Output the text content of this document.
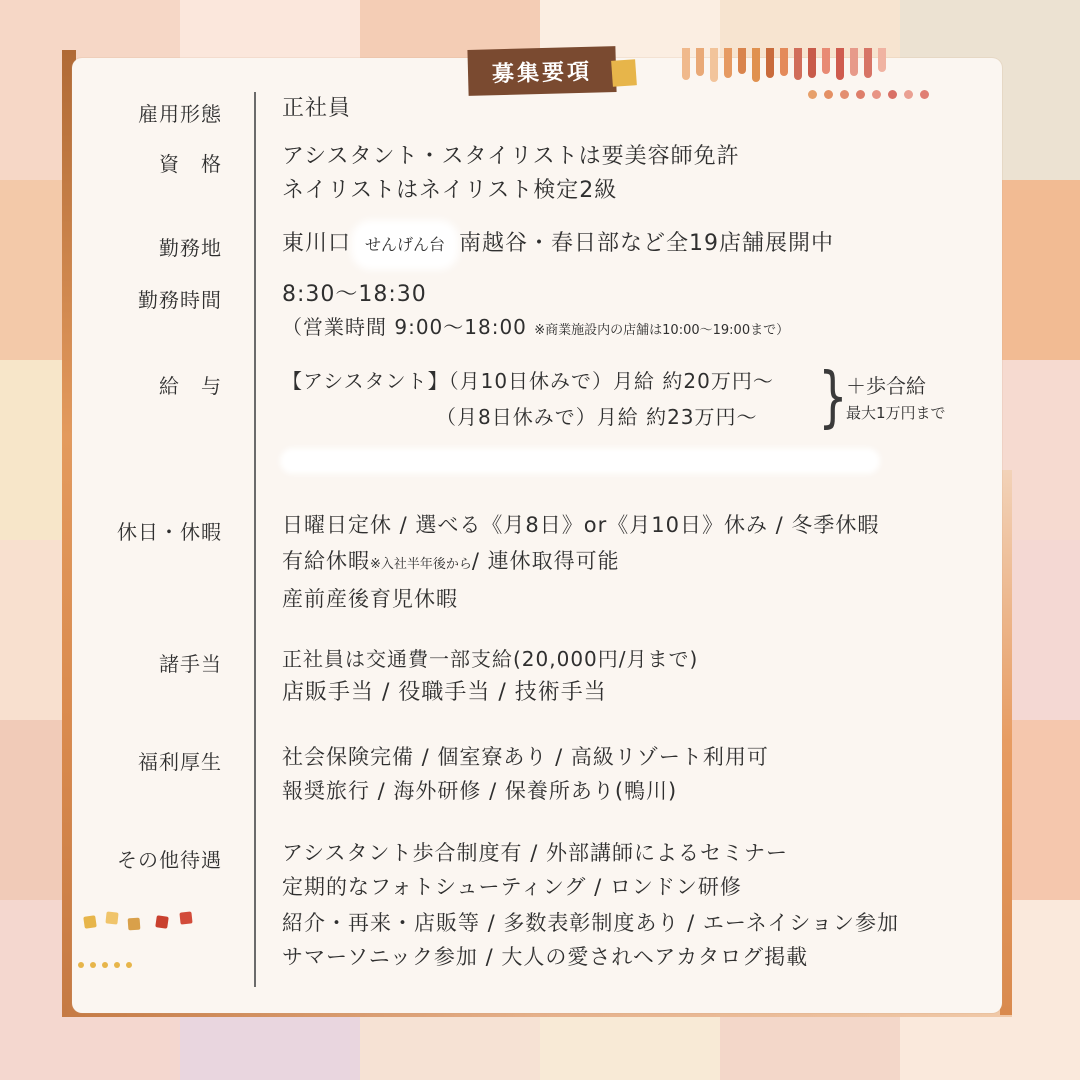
募集要項
雇用形態	正社員
資　格	アシスタント・スタイリストは要美容師免許
ネイリストはネイリスト検定2級
勤務地	東川口 せんげん台 南越谷・春日部など全19店舗展開中
勤務時間	8:30〜18:30
（営業時間 9:00〜18:00 ※商業施設内の店舗は10:00〜19:00まで）
給　与	【アシスタント】（月10日休みで）月給 約20万円〜
（月8日休みで）月給 約23万円〜 }
＋歩合給
最大1万円まで
休日・休暇	日曜日定休 / 選べる《月8日》or《月10日》休み / 冬季休暇
有給休暇※入社半年後から/ 連休取得可能
産前産後育児休暇
諸手当	正社員は交通費一部支給(20,000円/月まで)
店販手当 / 役職手当 / 技術手当
福利厚生	社会保険完備 / 個室寮あり / 高級リゾート利用可
報奨旅行 / 海外研修 / 保養所あり(鴨川)
その他待遇	アシスタント歩合制度有 / 外部講師によるセミナー
定期的なフォトシューティング / ロンドン研修
紹介・再来・店販等 / 多数表彰制度あり / エーネイション参加
サマーソニック参加 / 大人の愛されヘアカタログ掲載
